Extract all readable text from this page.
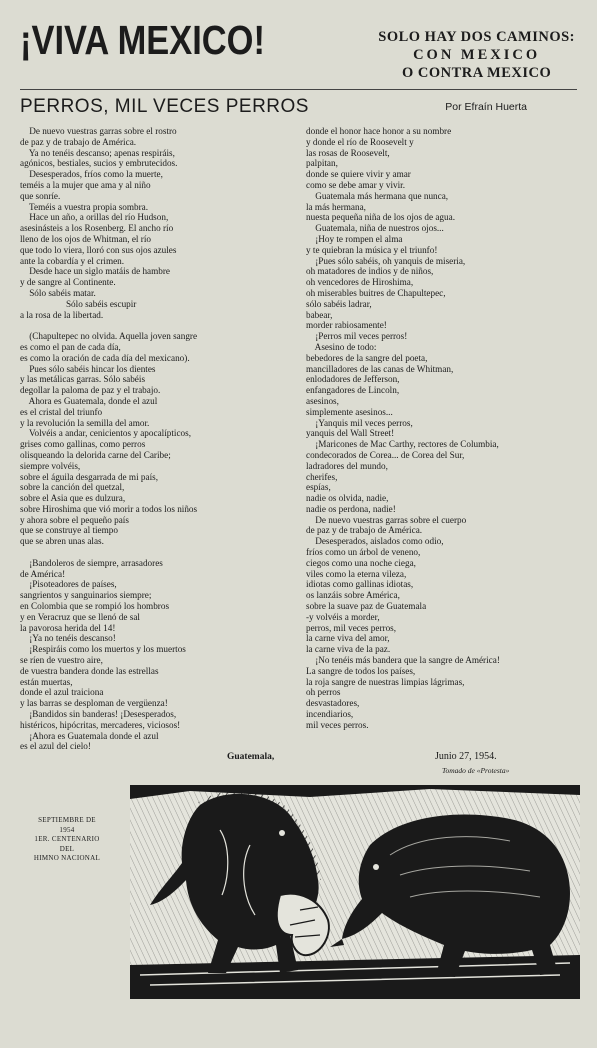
¡VIVA MEXICO!	SOLO HAY DOS CAMINOS:
CON MEXICO
O CONTRA MEXICO
PERROS, MIL VECES PERROS	Por Efraín Huerta
De nuevo vuestras garras sobre el rostro
de paz y de trabajo de América.
Ya no tenéis descanso; apenas respiráis,
agónicos, bestiales, sucios y embrutecidos.
Desesperados, fríos como la muerte,
teméis a la mujer que ama y al niño
que sonríe.
Teméis a vuestra propia sombra.
Hace un año, a orillas del río Hudson,
asesinásteis a los Rosenberg. El ancho río
lleno de los ojos de Whitman, el río
que todo lo viera, lloró con sus ojos azules
ante la cobardía y el crimen.
Desde hace un siglo matáis de hambre
y de sangre al Continente.
Sólo sabéis matar.
Sólo sabéis escupir
a la rosa de la libertad.
(Chapultepec no olvida. Aquella joven sangre
es como el pan de cada día,
es como la oración de cada día del mexicano).
Pues sólo sabéis hincar los dientes
y las metálicas garras. Sólo sabéis
degollar la paloma de paz y el trabajo.
Ahora es Guatemala, donde el azul
es el cristal del triunfo
y la revolución la semilla del amor.
Volvéis a andar, cenicientos y apocalípticos,
grises como gallinas, como perros
olisqueando la delorida carne del Caribe;
siempre volvéis,
sobre el águila desgarrada de mi país,
sobre la canción del quetzal,
sobre el Asia que es dulzura,
sobre Hiroshima que vió morir a todos los niños
y ahora sobre el pequeño país
que se construye al tiempo
que se abren unas alas.
¡Bandoleros de siempre, arrasadores
de América!
¡Pisoteadores de países,
sangrientos y sanguinarios siempre;
en Colombia que se rompió los hombros
y en Veracruz que se llenó de sal
la pavorosa herida del 14!
¡Ya no tenéis descanso!
¡Respiráis como los muertos y los muertos
se ríen de vuestro aire,
de vuestra bandera donde las estrellas
están muertas,
donde el azul traiciona
y las barras se desploman de vergüenza!
¡Bandidos sin banderas! ¡Desesperados,
histéricos, hipócritas, mercaderes, viciosos!
¡Ahora es Guatemala donde el azul
es el azul del cielo!
donde el honor hace honor a su nombre
y donde el río de Roosevelt y
las rosas de Roosevelt,
palpitan,
donde se quiere vivir y amar
como se debe amar y vivir.
Guatemala más hermana que nunca,
la más hermana,
nuesta pequeña niña de los ojos de agua.
Guatemala, niña de nuestros ojos...
¡Hoy te rompen el alma
y te quiebran la música y el triunfo!
¡Pues sólo sabéis, oh yanquis de miseria,
oh matadores de indios y de niños,
oh vencedores de Hiroshima,
oh miserables buitres de Chapultepec,
sólo sabéis ladrar,
babear,
morder rabiosamente!
¡Perros mil veces perros!
Asesino de todo:
bebedores de la sangre del poeta,
mancilladores de las canas de Whitman,
enlodadores de Jefferson,
enfangadores de Lincoln,
asesinos,
simplemente asesinos...
¡Yanquis mil veces perros,
yanquis del Wall Street!
¡Maricones de Mac Carthy, rectores de Columbia,
condecorados de Corea... de Corea del Sur,
ladradores del mundo,
cherifes,
espías,
nadie os olvida, nadie,
nadie os perdona, nadie!
De nuevo vuestras garras sobre el cuerpo
de paz y de trabajo de América.
Desesperados, aislados como odio,
fríos como un árbol de veneno,
ciegos como una noche ciega,
viles como la eterna vileza,
idiotas como gallinas idiotas,
os lanzáis sobre América,
sobre la suave paz de Guatemala
-y volvéis a morder,
perros, mil veces perros,
la carne viva del amor,
la carne viva de la paz.
¡No tenéis más bandera que la sangre de América!
La sangre de todos los países,
la roja sangre de nuestras limpias lágrimas,
oh perros
desvastadores,
incendiarios,
mil veces perros.
Guatemala,	Junio 27, 1954.
Tomado de «Protesta»
SEPTIEMBRE DE
1954
1ER. CENTENARIO
DEL
HIMNO NACIONAL
